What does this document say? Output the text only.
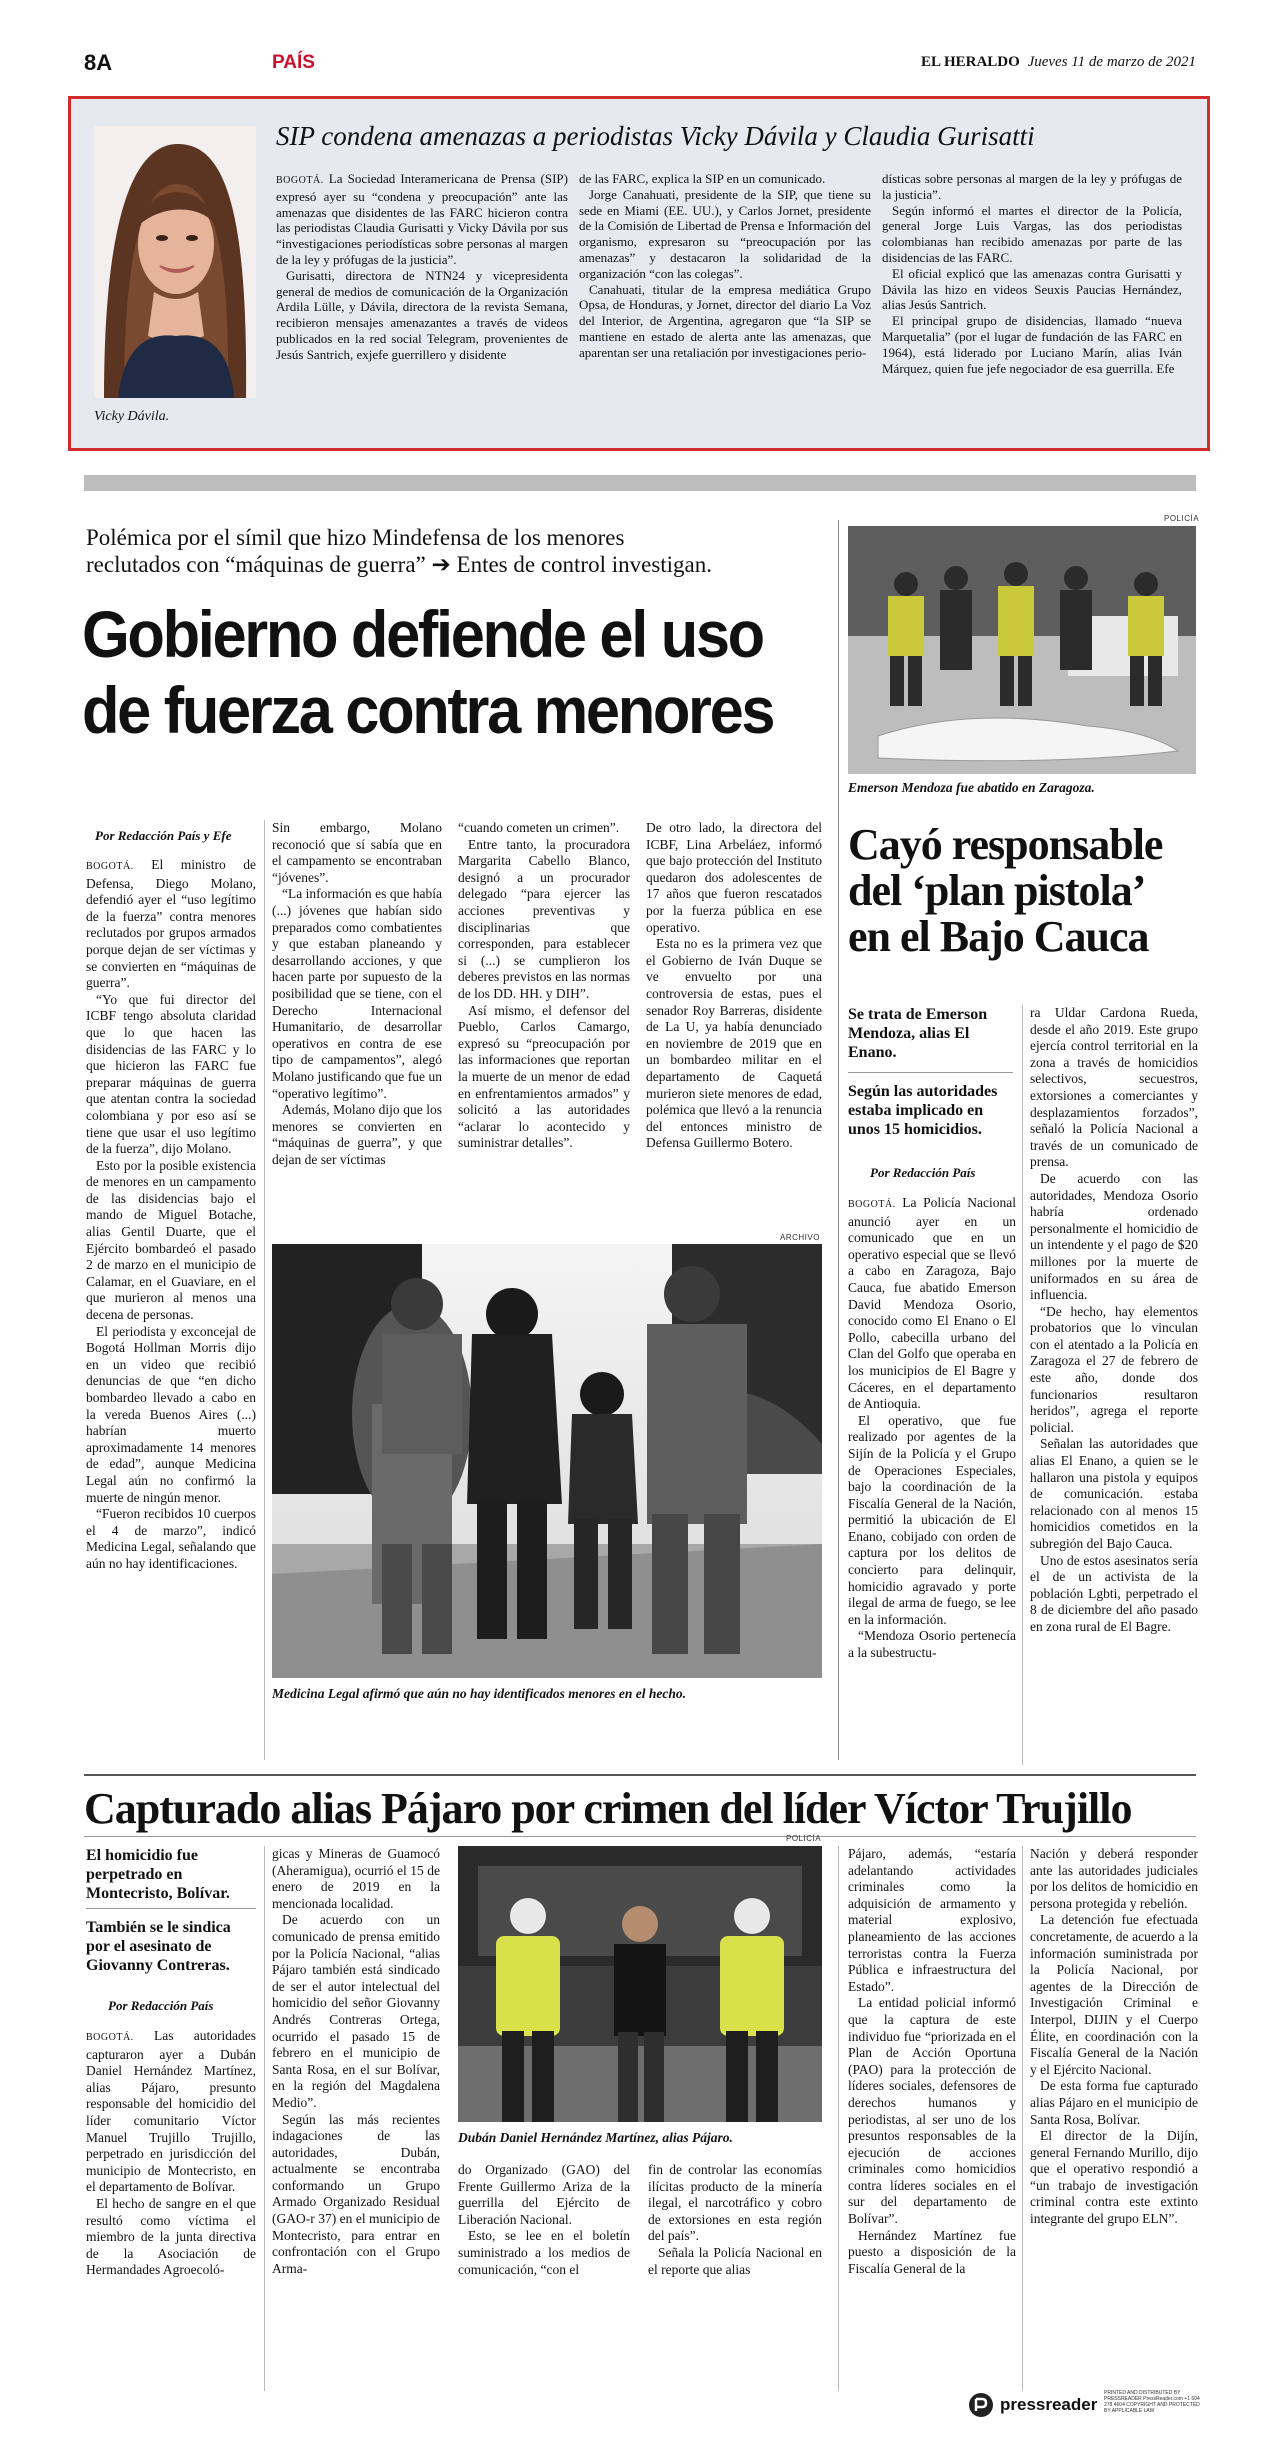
8A	PAÍS	EL HERALDO Jueves 11 de marzo de 2021
Vicky Dávila.
SIP condena amenazas a periodistas Vicky Dávila y Claudia Gurisatti

BOGOTÁ. La Sociedad Interamericana de Prensa (SIP) expresó ayer su “condena y preocupación” ante las amenazas que disidentes de las FARC hicieron contra las periodistas Claudia Gurisatti y Vicky Dávila por sus “investigaciones periodísticas sobre personas al margen de la ley y prófugas de la justicia”.

Gurisatti, directora de NTN24 y vicepresidenta general de medios de comunicación de la Organización Ardila Lülle, y Dávila, directora de la revista Semana, recibieron mensajes amenazantes a través de videos publicados en la red social Telegram, provenientes de Jesús Santrich, exjefe guerrillero y disidente

de las FARC, explica la SIP en un comunicado.

Jorge Canahuati, presidente de la SIP, que tiene su sede en Miami (EE. UU.), y Carlos Jornet, presidente de la Comisión de Libertad de Prensa e Información del organismo, expresaron su “preocupación por las amenazas” y destacaron la solidaridad de la organización “con las colegas”.

Canahuati, titular de la empresa mediática Grupo Opsa, de Honduras, y Jornet, director del diario La Voz del Interior, de Argentina, agregaron que “la SIP se mantiene en estado de alerta ante las amenazas, que aparentan ser una retaliación por investigaciones perio-

dísticas sobre personas al margen de la ley y prófugas de la justicia”.

Según informó el martes el director de la Policía, general Jorge Luis Vargas, las dos periodistas colombianas han recibido amenazas por parte de las disidencias de las FARC.

El oficial explicó que las amenazas contra Gurisatti y Dávila las hizo en videos Seuxis Paucias Hernández, alias Jesús Santrich.

El principal grupo de disidencias, llamado “nueva Marquetalia” (por el lugar de fundación de las FARC en 1964), está liderado por Luciano Marín, alias Iván Márquez, quien fue jefe negociador de esa guerrilla. Efe

Polémica por el símil que hizo Mindefensa de los menores
reclutados con “máquinas de guerra” ➔ Entes de control investigan.
Gobierno defiende el uso
de fuerza contra menores
Por Redacción País y Efe

BOGOTÁ. El ministro de Defensa, Diego Molano, defendió ayer el “uso legítimo de la fuerza” contra menores reclutados por grupos armados porque dejan de ser víctimas y se convierten en “máquinas de guerra”.

“Yo que fui director del ICBF tengo absoluta claridad que lo que hacen las disidencias de las FARC y lo que hicieron las FARC fue preparar máquinas de guerra que atentan contra la sociedad colombiana y por eso así se tiene que usar el uso legítimo de la fuerza”, dijo Molano.

Esto por la posible existencia de menores en un campamento de las disidencias bajo el mando de Miguel Botache, alias Gentil Duarte, que el Ejército bombardeó el pasado 2 de marzo en el municipio de Calamar, en el Guaviare, en el que murieron al menos una decena de personas.

El periodista y exconcejal de Bogotá Hollman Morris dijo en un video que recibió denuncias de que “en dicho bombardeo llevado a cabo en la vereda Buenos Aires (...) habrían muerto aproximadamente 14 menores de edad”, aunque Medicina Legal aún no confirmó la muerte de ningún menor.

“Fueron recibidos 10 cuerpos el 4 de marzo”, indicó Medicina Legal, señalando que aún no hay identificaciones.

Sin embargo, Molano reconoció que sí sabía que en el campamento se encontraban “jóvenes”.

“La información es que había (...) jóvenes que habían sido preparados como combatientes y que estaban planeando y desarrollando acciones, y que hacen parte por supuesto de la posibilidad que se tiene, con el Derecho Internacional Humanitario, de desarrollar operativos en contra de ese tipo de campamentos”, alegó Molano justificando que fue un “operativo legítimo”.

Además, Molano dijo que los menores se convierten en “máquinas de guerra”, y que dejan de ser víctimas

“cuando cometen un crimen”.

Entre tanto, la procuradora Margarita Cabello Blanco, designó a un procurador delegado “para ejercer las acciones preventivas y disciplinarias que corresponden, para establecer si (...) se cumplieron los deberes previstos en las normas de los DD. HH. y DIH”.

Así mismo, el defensor del Pueblo, Carlos Camargo, expresó su “preocupación por las informaciones que reportan la muerte de un menor de edad en enfrentamientos armados” y solicitó a las autoridades “aclarar lo acontecido y suministrar detalles”.

De otro lado, la directora del ICBF, Lina Arbeláez, informó que bajo protección del Instituto quedaron dos adolescentes de 17 años que fueron rescatados por la fuerza pública en ese operativo.

Esta no es la primera vez que el Gobierno de Iván Duque se ve envuelto por una controversia de estas, pues el senador Roy Barreras, disidente de La U, ya había denunciado en noviembre de 2019 que en un bombardeo militar en el departamento de Caquetá murieron siete menores de edad, polémica que llevó a la renuncia del entonces ministro de Defensa Guillermo Botero.

ARCHIVO
Medicina Legal afirmó que aún no hay identificados menores en el hecho.
POLICÍA
Emerson Mendoza fue abatido en Zaragoza.
Cayó responsable
del ‘plan pistola’
en el Bajo Cauca
Se trata de Emerson Mendoza, alias El Enano.
Según las autoridades estaba implicado en unos 15 homicidios.
Por Redacción País

BOGOTÁ. La Policía Nacional anunció ayer en un comunicado que en un operativo especial que se llevó a cabo en Zaragoza, Bajo Cauca, fue abatido Emerson David Mendoza Osorio, conocido como El Enano o El Pollo, cabecilla urbano del Clan del Golfo que operaba en los municipios de El Bagre y Cáceres, en el departamento de Antioquia.

El operativo, que fue realizado por agentes de la Sijín de la Policía y el Grupo de Operaciones Especiales, bajo la coordinación de la Fiscalía General de la Nación, permitió la ubicación de El Enano, cobijado con orden de captura por los delitos de concierto para delinquir, homicidio agravado y porte ilegal de arma de fuego, se lee en la información.

“Mendoza Osorio pertenecía a la subestructu-

ra Uldar Cardona Rueda, desde el año 2019. Este grupo ejercía control territorial en la zona a través de homicidios selectivos, secuestros, extorsiones a comerciantes y desplazamientos forzados”, señaló la Policía Nacional a través de un comunicado de prensa.

De acuerdo con las autoridades, Mendoza Osorio habría ordenado personalmente el homicidio de un intendente y el pago de $20 millones por la muerte de uniformados en su área de influencia.

“De hecho, hay elementos probatorios que lo vinculan con el atentado a la Policía en Zaragoza el 27 de febrero de este año, donde dos funcionarios resultaron heridos”, agrega el reporte policial.

Señalan las autoridades que alias El Enano, a quien se le hallaron una pistola y equipos de comunicación. estaba relacionado con al menos 15 homicidios cometidos en la subregión del Bajo Cauca.

Uno de estos asesinatos sería el de un activista de la población Lgbti, perpetrado el 8 de diciembre del año pasado en zona rural de El Bagre.

Capturado alias Pájaro por crimen del líder Víctor Trujillo
El homicidio fue perpetrado en Montecristo, Bolívar.
También se le sindica por el asesinato de Giovanny Contreras.
Por Redacción País

BOGOTÁ. Las autoridades capturaron ayer a Dubán Daniel Hernández Martínez, alias Pájaro, presunto responsable del homicidio del líder comunitario Víctor Manuel Trujillo Trujillo, perpetrado en jurisdicción del municipio de Montecristo, en el departamento de Bolívar.

El hecho de sangre en el que resultó como víctima el miembro de la junta directiva de la Asociación de Hermandades Agroecoló-

gicas y Mineras de Guamocó (Aheramigua), ocurrió el 15 de enero de 2019 en la mencionada localidad.

De acuerdo con un comunicado de prensa emitido por la Policía Nacional, “alias Pájaro también está sindicado de ser el autor intelectual del homicidio del señor Giovanny Andrés Contreras Ortega, ocurrido el pasado 15 de febrero en el municipio de Santa Rosa, en el sur Bolívar, en la región del Magdalena Medio”.

Según las más recientes indagaciones de las autoridades, Dubán, actualmente se encontraba conformando un Grupo Armado Organizado Residual (GAO-r 37) en el municipio de Montecristo, para entrar en confrontación con el Grupo Arma-

POLICÍA
Dubán Daniel Hernández Martínez, alias Pájaro.

do Organizado (GAO) del Frente Guillermo Ariza de la guerrilla del Ejército de Liberación Nacional.

Esto, se lee en el boletín suministrado a los medios de comunicación, “con el

fin de controlar las economías ilícitas producto de la minería ilegal, el narcotráfico y cobro de extorsiones en esta región del país”.

Señala la Policía Nacional en el reporte que alias

Pájaro, además, “estaría adelantando actividades criminales como la adquisición de armamento y material explosivo, planeamiento de las acciones terroristas contra la Fuerza Pública e infraestructura del Estado”.

La entidad policial informó que la captura de este individuo fue “priorizada en el Plan de Acción Oportuna (PAO) para la protección de líderes sociales, defensores de derechos humanos y periodistas, al ser uno de los presuntos responsables de la ejecución de acciones criminales como homicidios contra líderes sociales en el sur del departamento de Bolívar”.

Hernández Martínez fue puesto a disposición de la Fiscalía General de la

Nación y deberá responder ante las autoridades judiciales por los delitos de homicidio en persona protegida y rebelión.

La detención fue efectuada concretamente, de acuerdo a la información suministrada por la Policía Nacional, por agentes de la Dirección de Investigación Criminal e Interpol, DIJIN y el Cuerpo Élite, en coordinación con la Fiscalía General de la Nación y el Ejército Nacional.

De esta forma fue capturado alias Pájaro en el municipio de Santa Rosa, Bolívar.

El director de la Dijín, general Fernando Murillo, dijo que el operativo respondió a “un trabajo de investigación criminal contra este extinto integrante del grupo ELN”.

pressreader
PRINTED AND DISTRIBUTED BY PRESSREADER PressReader.com +1 604 278 4604 COPYRIGHT AND PROTECTED BY APPLICABLE LAW
